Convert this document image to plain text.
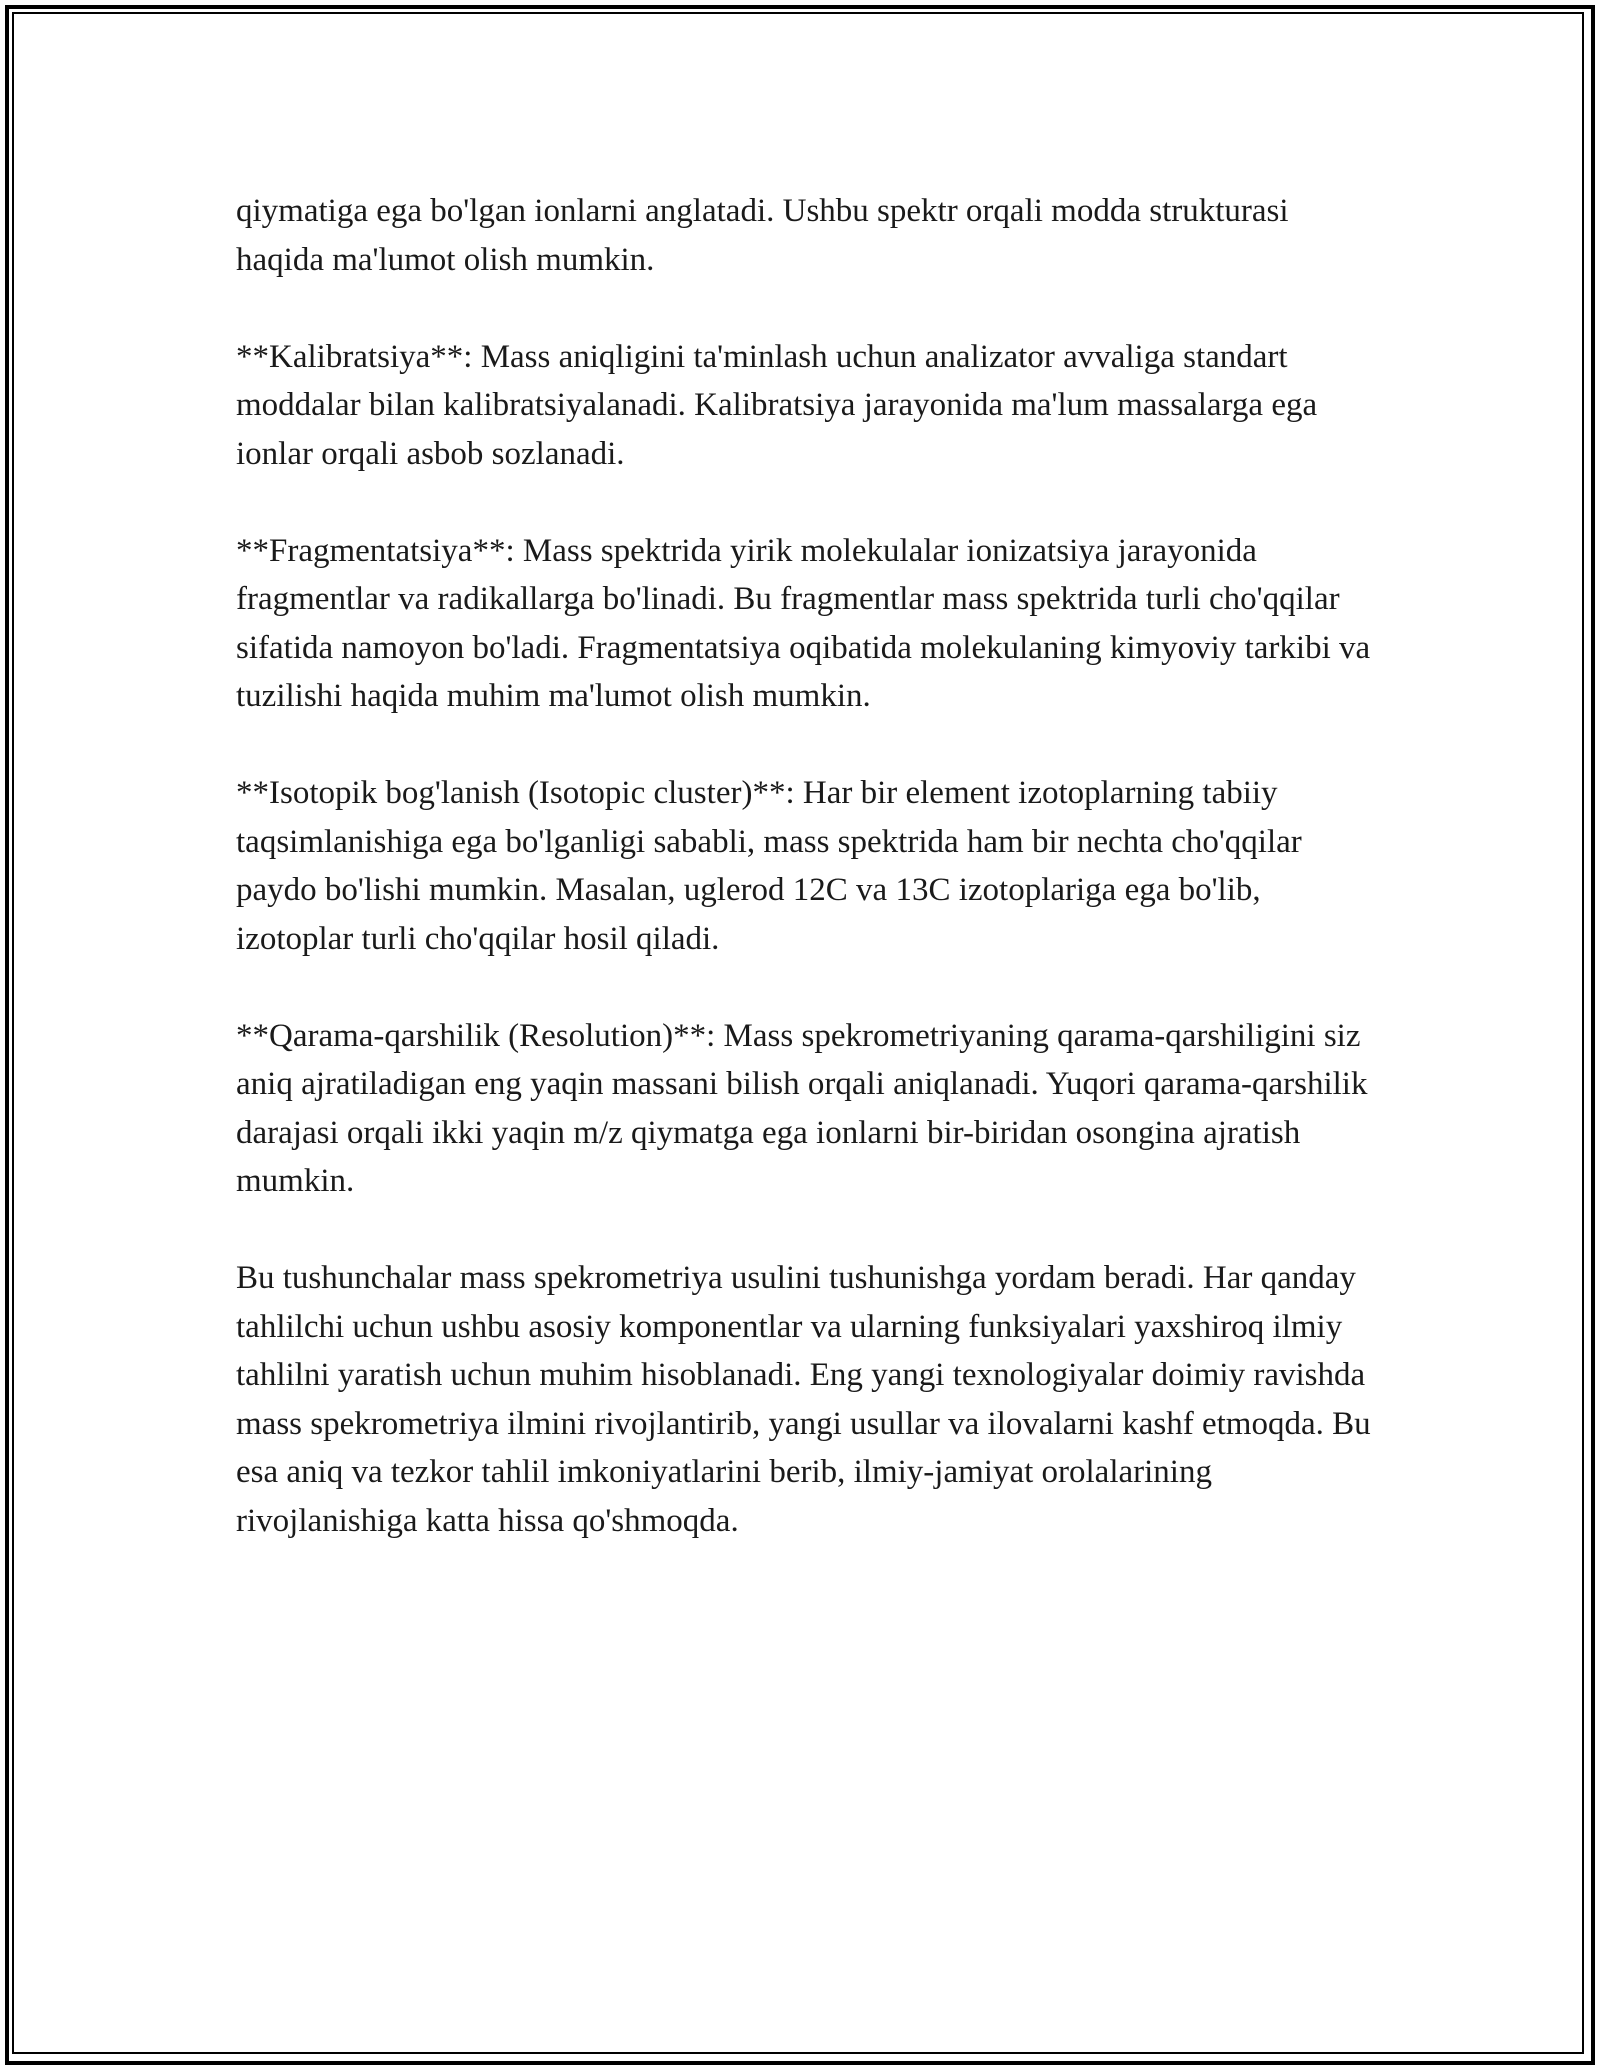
qiymatiga ega bo'lgan ionlarni anglatadi. Ushbu spektr orqali modda strukturasi haqida ma'lumot olish mumkin.

**Kalibratsiya**: Mass aniqligini ta'minlash uchun analizator avvaliga standart moddalar bilan kalibratsiyalanadi. Kalibratsiya jarayonida ma'lum massalarga ega ionlar orqali asbob sozlanadi.

**Fragmentatsiya**: Mass spektrida yirik molekulalar ionizatsiya jarayonida fragmentlar va radikallarga bo'linadi. Bu fragmentlar mass spektrida turli cho'qqilar sifatida namoyon bo'ladi. Fragmentatsiya oqibatida molekulaning kimyoviy tarkibi va tuzilishi haqida muhim ma'lumot olish mumkin.

**Isotopik bog'lanish (Isotopic cluster)**: Har bir element izotoplarning tabiiy taqsimlanishiga ega bo'lganligi sababli, mass spektrida ham bir nechta cho'qqilar paydo bo'lishi mumkin. Masalan, uglerod 12C va 13C izotoplariga ega bo'lib, izotoplar turli cho'qqilar hosil qiladi.

**Qarama-qarshilik (Resolution)**: Mass spekrometriyaning qarama-qarshiligini siz aniq ajratiladigan eng yaqin massani bilish orqali aniqlanadi. Yuqori qarama-qarshilik darajasi orqali ikki yaqin m/z qiymatga ega ionlarni bir-biridan osongina ajratish mumkin.

Bu tushunchalar mass spekrometriya usulini tushunishga yordam beradi. Har qanday tahlilchi uchun ushbu asosiy komponentlar va ularning funksiyalari yaxshiroq ilmiy tahlilni yaratish uchun muhim hisoblanadi. Eng yangi texnologiyalar doimiy ravishda mass spekrometriya ilmini rivojlantirib, yangi usullar va ilovalarni kashf etmoqda. Bu esa aniq va tezkor tahlil imkoniyatlarini berib, ilmiy-jamiyat orolalarining rivojlanishiga katta hissa qo'shmoqda.
